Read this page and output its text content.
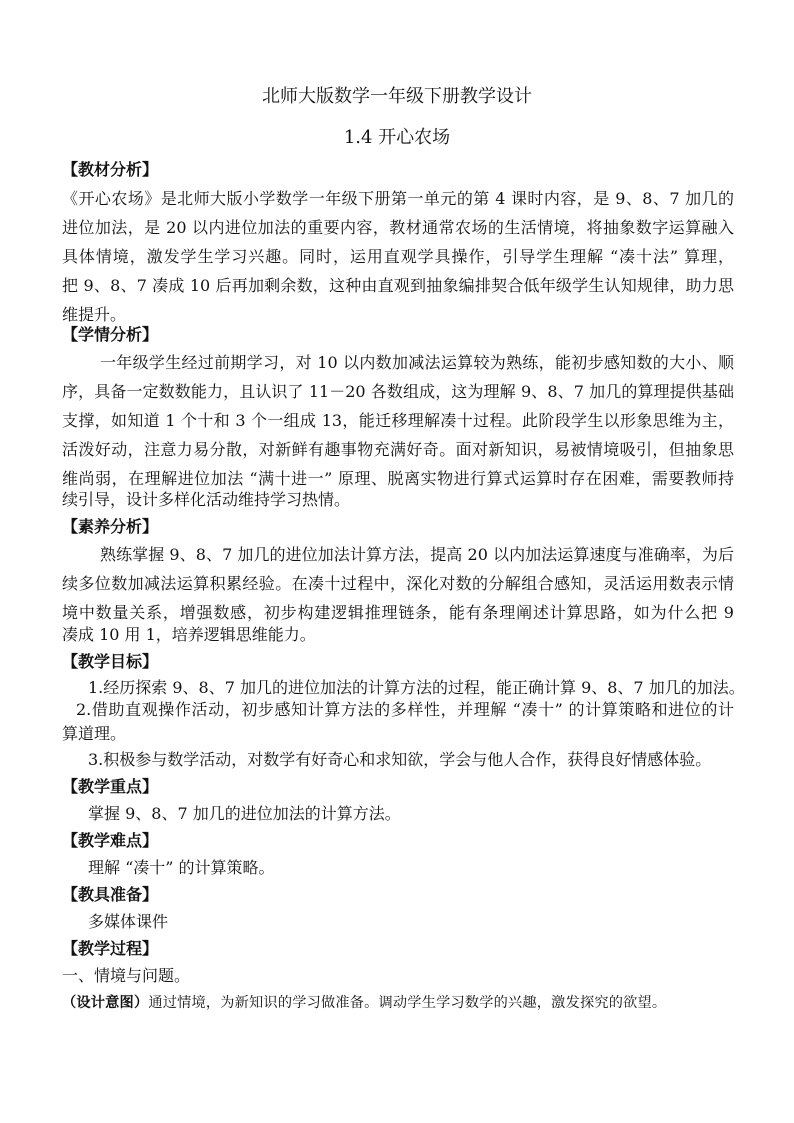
北师大版数学一年级下册教学设计
1.4 开心农场
【教材分析】
《开心农场》是北师大版小学数学一年级下册第一单元的第 4 课时内容，是 9、8、7 加几的
进位加法，是 20 以内进位加法的重要内容，教材通常农场的生活情境，将抽象数字运算融入
具体情境，激发学生学习兴趣。同时，运用直观学具操作，引导学生理解 “凑十法” 算理，
把 9、8、7 凑成 10 后再加剩余数，这种由直观到抽象编排契合低年级学生认知规律，助力思
维提升。
【学情分析】
一年级学生经过前期学习，对 10 以内数加减法运算较为熟练，能初步感知数的大小、顺
序，具备一定数数能力，且认识了 11－20 各数组成，这为理解 9、8、7 加几的算理提供基础
支撑，如知道 1 个十和 3 个一组成 13，能迁移理解凑十过程。此阶段学生以形象思维为主，
活泼好动，注意力易分散，对新鲜有趣事物充满好奇。面对新知识，易被情境吸引，但抽象思
维尚弱，在理解进位加法 “满十进一” 原理、脱离实物进行算式运算时存在困难，需要教师持
续引导，设计多样化活动维持学习热情。
【素养分析】
熟练掌握 9、8、7 加几的进位加法计算方法，提高 20 以内加法运算速度与准确率，为后
续多位数加减法运算积累经验。在凑十过程中，深化对数的分解组合感知，灵活运用数表示情
境中数量关系，增强数感，初步构建逻辑推理链条，能有条理阐述计算思路，如为什么把 9
凑成 10 用 1，培养逻辑思维能力。
【教学目标】
1.经历探索 9、8、7 加几的进位加法的计算方法的过程，能正确计算 9、8、7 加几的加法。
2.借助直观操作活动，初步感知计算方法的多样性，并理解 “凑十” 的计算策略和进位的计
算道理。
3.积极参与数学活动，对数学有好奇心和求知欲，学会与他人合作，获得良好情感体验。
【教学重点】
掌握 9、8、7 加几的进位加法的计算方法。
【教学难点】
理解 “凑十” 的计算策略。
【教具准备】
多媒体课件
【教学过程】
一、情境与问题。
（设计意图）通过情境，为新知识的学习做准备。调动学生学习数学的兴趣，激发探究的欲望。
